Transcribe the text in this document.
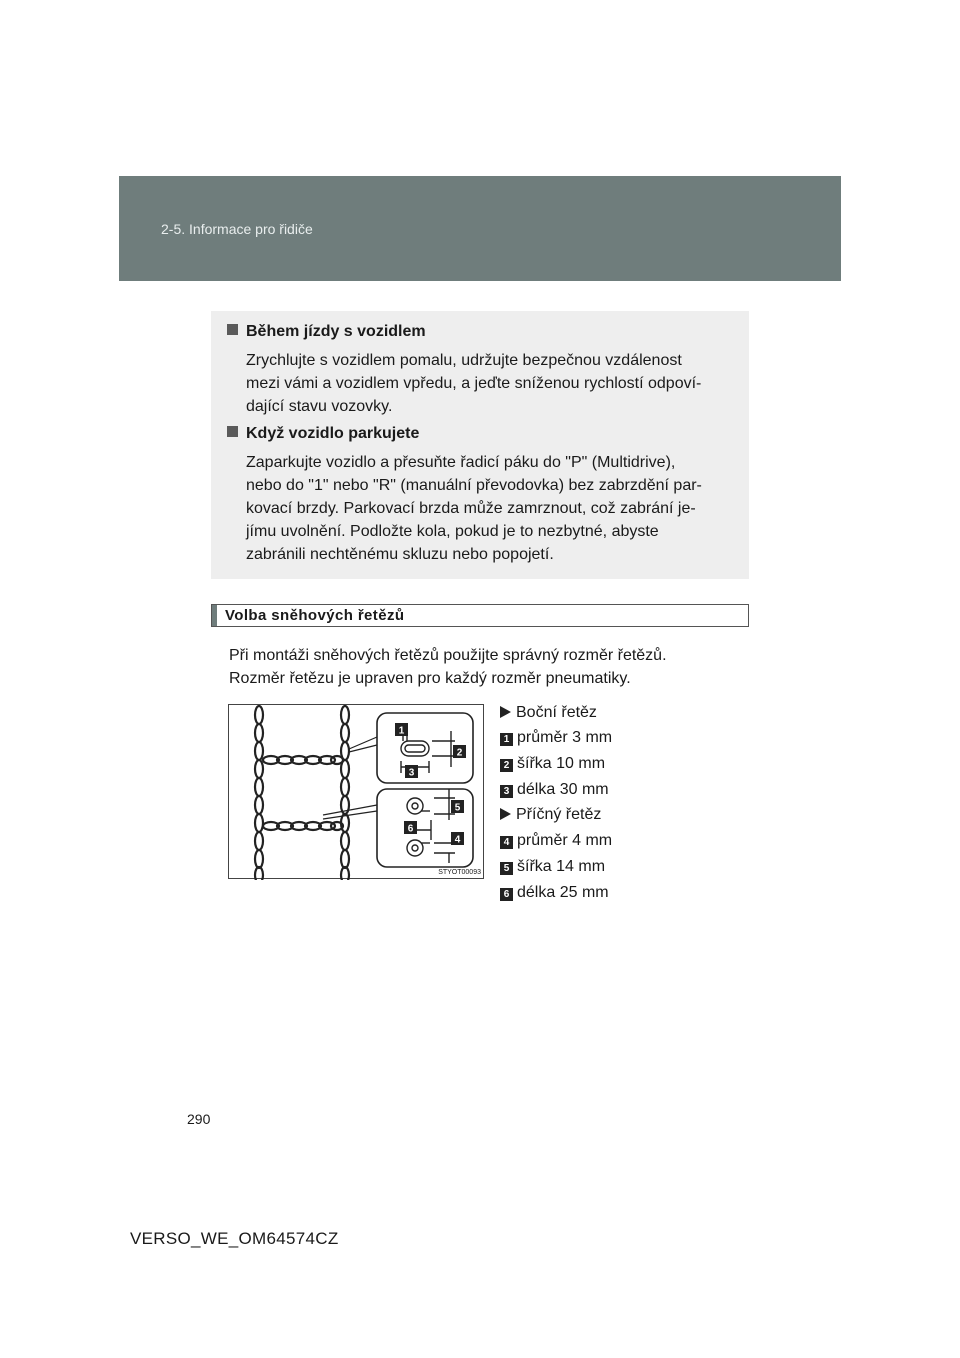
2-5. Informace pro řidiče
Během jízdy s vozidlem

Zrychlujte s vozidlem pomalu, udržujte bezpečnou vzdálenost

mezi vámi a vozidlem vpředu, a jeďte sníženou rychlostí odpoví-

dající stavu vozovky.

Když vozidlo parkujete

Zaparkujte vozidlo a přesuňte řadicí páku do "P" (Multidrive),

nebo do "1" nebo "R" (manuální převodovka) bez zabrzdění par-

kovací brzdy. Parkovací brzda může zamrznout, což zabrání je-

jímu uvolnění. Podložte kola, pokud je to nezbytné, abyste

zabránili nechtěnému skluzu nebo popojetí.

Volba sněhových řetězů
Při montáži sněhových řetězů použijte správný rozměr řetězů.
Rozměr řetězu je upraven pro každý rozměr pneumatiky.
1
2
3
5
6
4
STYOT00093
Boční řetěz
1 průměr 3 mm
2 šířka 10 mm
3 délka 30 mm
Příčný řetěz
4 průměr 4 mm
5 šířka 14 mm
6 délka 25 mm
290
VERSO_WE_OM64574CZ
